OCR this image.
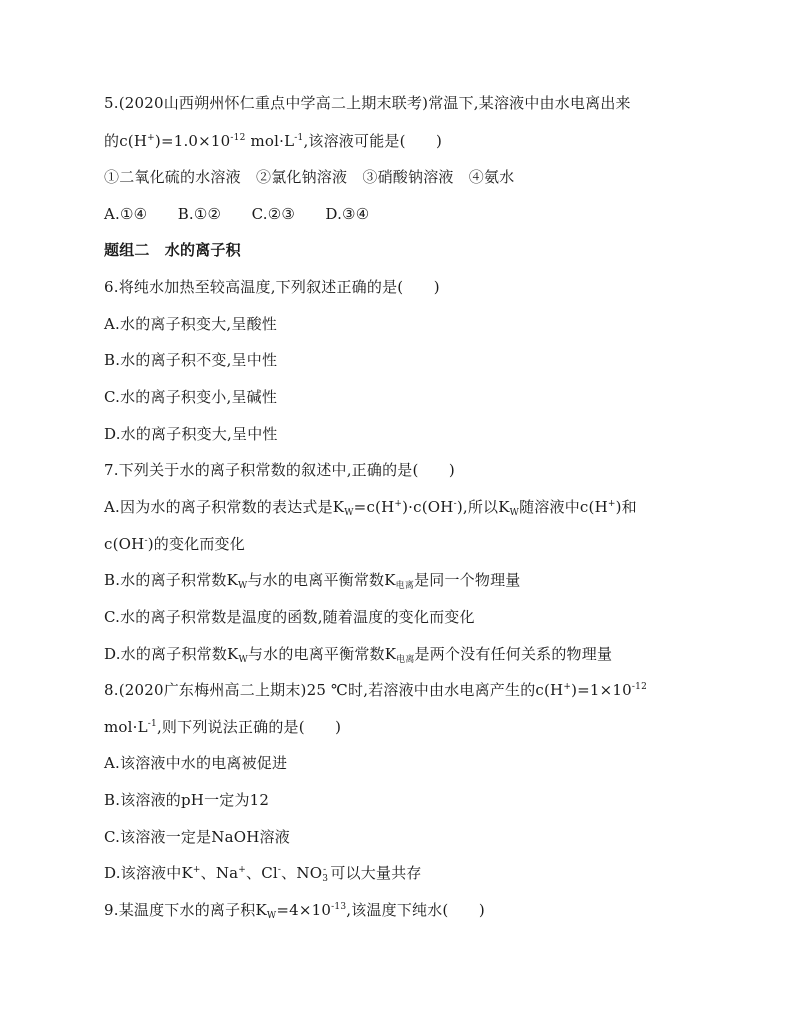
5.(2020山西朔州怀仁重点中学高二上期末联考)常温下,某溶液中由水电离出来
的$c(H^+)=1.0\times 10^{-12}$ $mol\cdot L^{-1}$,该溶液可能是(　　)
①二氧化硫的水溶液　②氯化钠溶液　③硝酸钠溶液　④氨水
A.①④　　B.①②　　C.②③　　D.③④
题组二　水的离子积
6.将纯水加热至较高温度,下列叙述正确的是(　　)
A.水的离子积变大,呈酸性
B.水的离子积不变,呈中性
C.水的离子积变小,呈碱性
D.水的离子积变大,呈中性
7.下列关于水的离子积常数的叙述中,正确的是(　　)
A.因为水的离子积常数的表达式是$K_W=c(H^+)\cdot c(OH^-)$,所以$K_W$随溶液中c(H+)和
c(OH-)的变化而变化
B.水的离子积常数$K_W$与水的电离平衡常数$K_{电离}$是同一个物理量
C.水的离子积常数是温度的函数,随着温度的变化而变化
D.水的离子积常数$K_W$与水的电离平衡常数$K_{电离}$是两个没有任何关系的物理量
8.(2020广东梅州高二上期末)25 ℃时,若溶液中由水电离产生的$c(H^+)=1\times 10^{-12}$
$mol\cdot L^{-1}$,则下列说法正确的是(　　)
A.该溶液中水的电离被促进
B.该溶液的pH一定为12
C.该溶液一定是NaOH溶液
D.该溶液中K+、Na+、Cl-、$NO_3^-$ 可以大量共存
9.某温度下水的离子积$K_W=4\times 10^{-13}$,该温度下纯水(　　)
